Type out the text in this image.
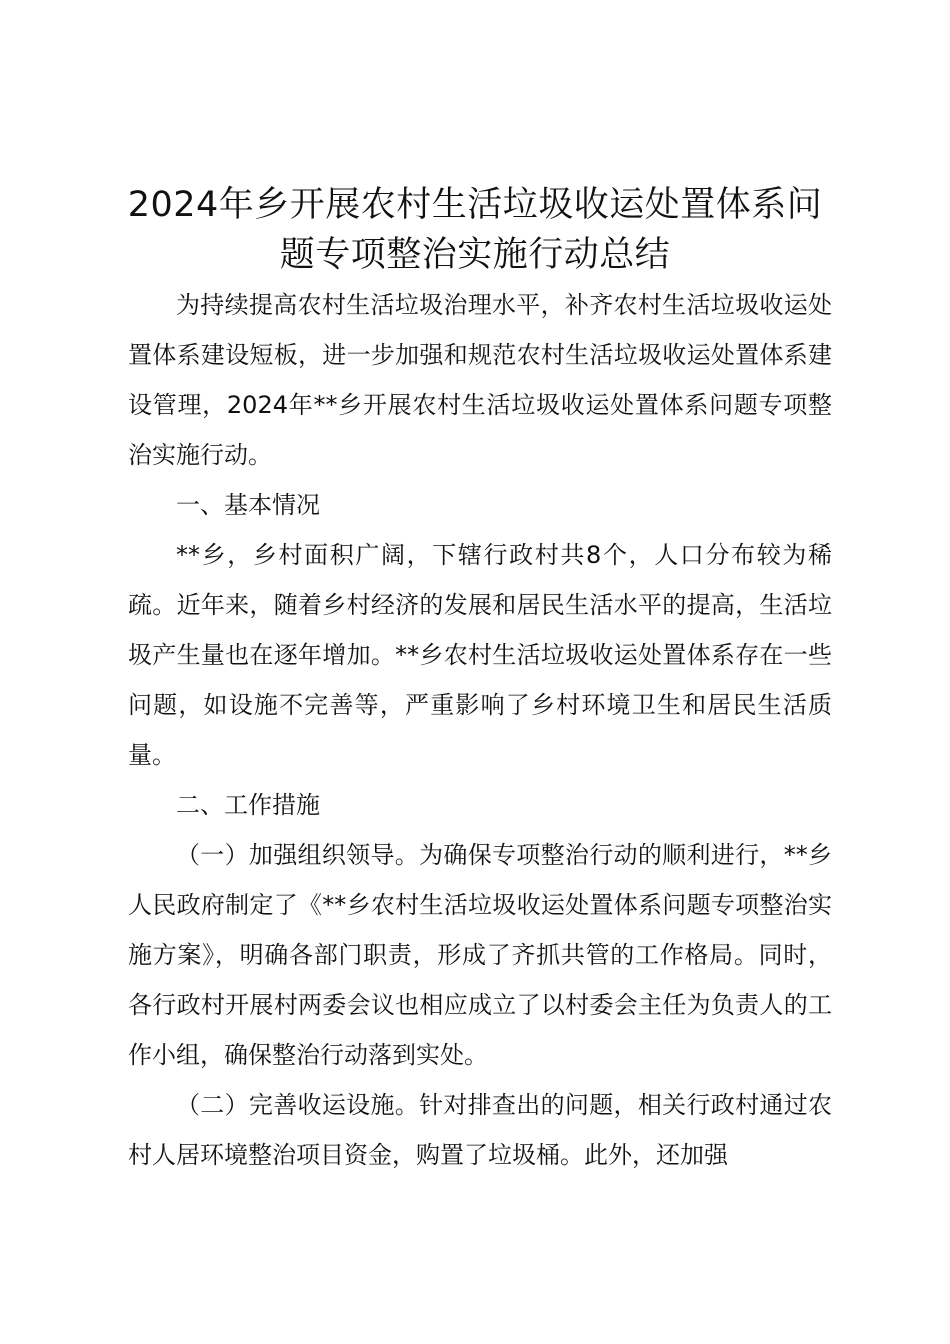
2024年乡开展农村生活垃圾收运处置体系问
题专项整治实施行动总结

为持续提高农村生活垃圾治理水平，补齐农村生活垃圾收运处置体系建设短板，进一步加强和规范农村生活垃圾收运处置体系建设管理，2024年**乡开展农村生活垃圾收运处置体系问题专项整治实施行动。

一、基本情况

**乡，乡村面积广阔，下辖行政村共8个，人口分布较为稀疏。近年来，随着乡村经济的发展和居民生活水平的提高，生活垃圾产生量也在逐年增加。**乡农村生活垃圾收运处置体系存在一些问题，如设施不完善等，严重影响了乡村环境卫生和居民生活质量。

二、工作措施

（一）加强组织领导。为确保专项整治行动的顺利进行，**乡人民政府制定了《**乡农村生活垃圾收运处置体系问题专项整治实施方案》，明确各部门职责，形成了齐抓共管的工作格局。同时，各行政村开展村两委会议也相应成立了以村委会主任为负责人的工作小组，确保整治行动落到实处。

（二）完善收运设施。针对排查出的问题，相关行政村通过农村人居环境整治项目资金，购置了垃圾桶。此外，还加强
